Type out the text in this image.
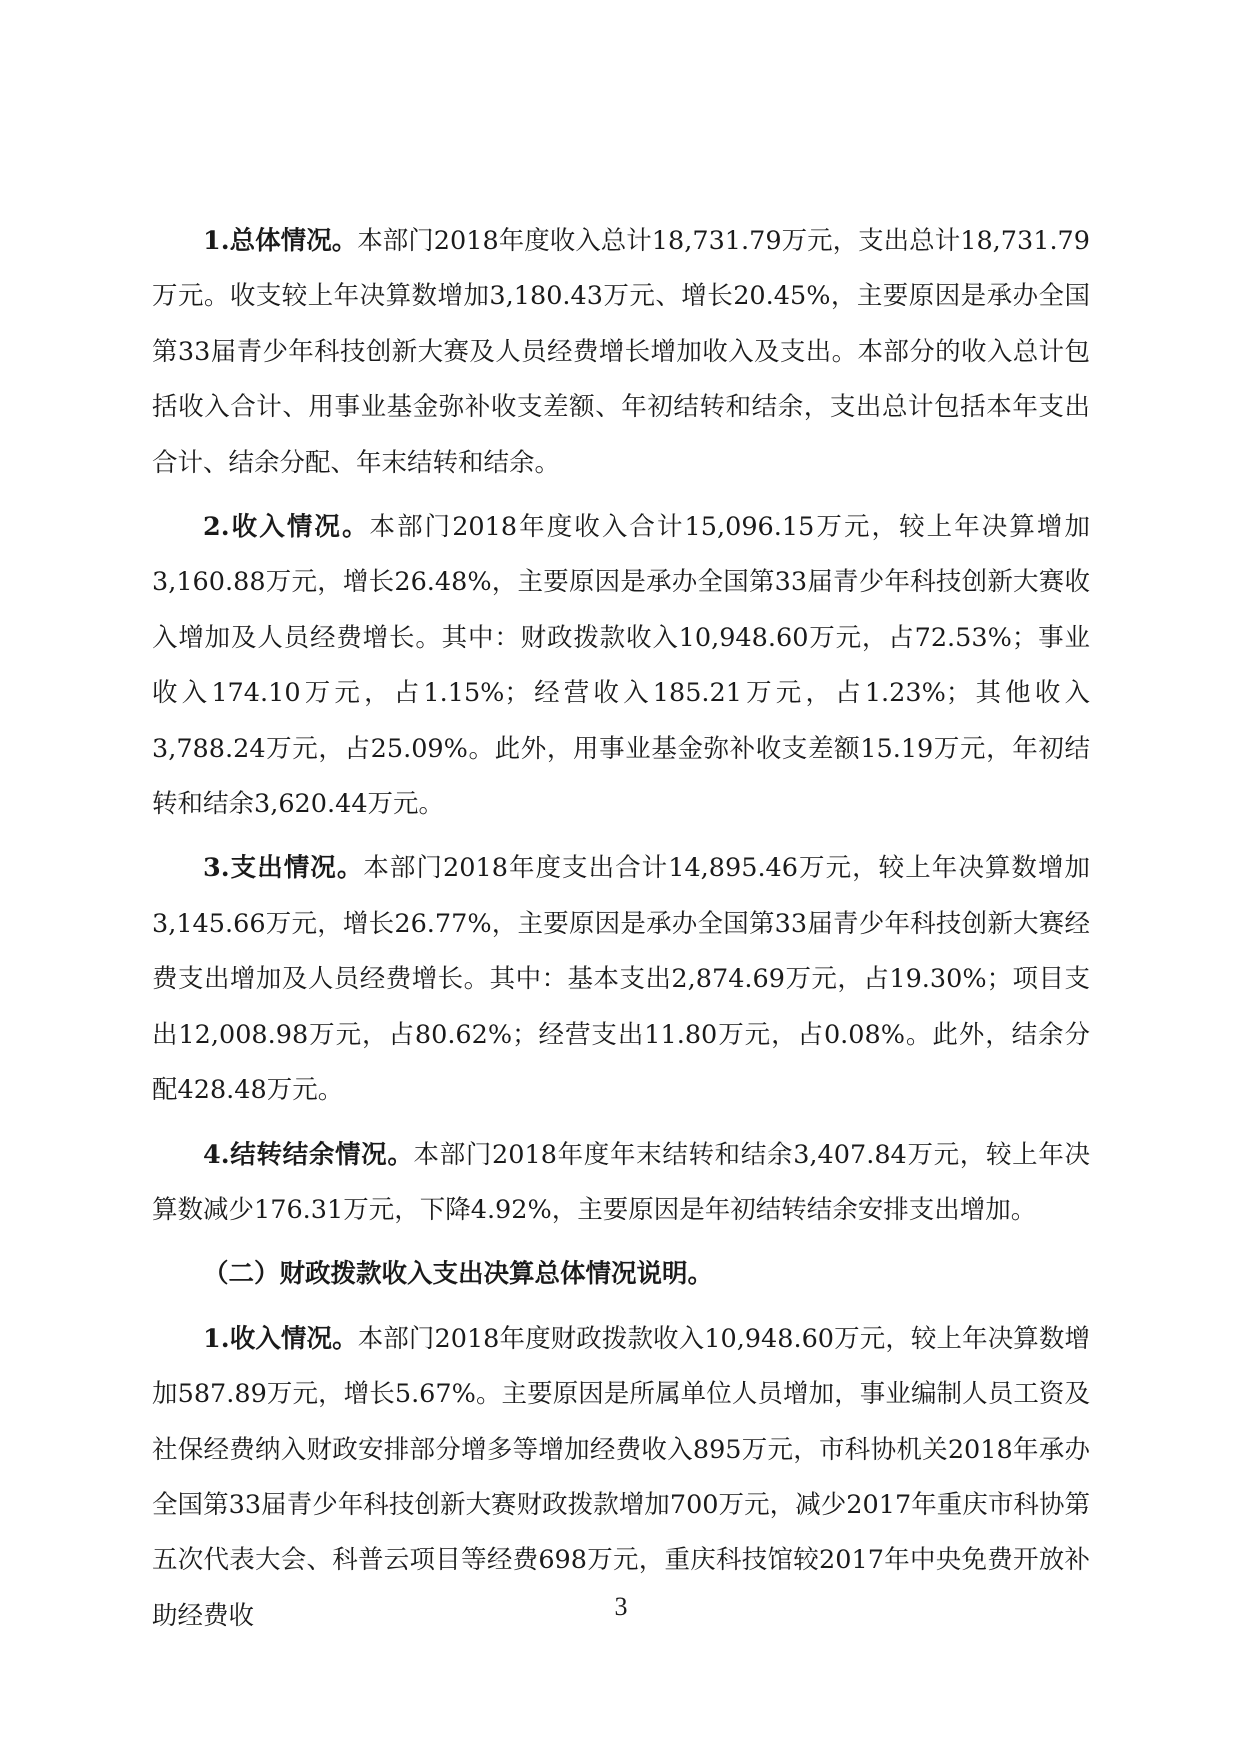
1.总体情况。本部门2018年度收入总计18,731.79万元，支出总计18,731.79万元。收支较上年决算数增加3,180.43万元、增长20.45%，主要原因是承办全国第33届青少年科技创新大赛及人员经费增长增加收入及支出。本部分的收入总计包括收入合计、用事业基金弥补收支差额、年初结转和结余，支出总计包括本年支出合计、结余分配、年末结转和结余。

2.收入情况。本部门2018年度收入合计15,096.15万元，较上年决算增加3,160.88万元，增长26.48%，主要原因是承办全国第33届青少年科技创新大赛收入增加及人员经费增长。其中：财政拨款收入10,948.60万元，占72.53%；事业收入174.10万元，占1.15%；经营收入185.21万元，占1.23%；其他收入3,788.24万元，占25.09%。此外，用事业基金弥补收支差额15.19万元，年初结转和结余3,620.44万元。

3.支出情况。本部门2018年度支出合计14,895.46万元，较上年决算数增加3,145.66万元，增长26.77%，主要原因是承办全国第33届青少年科技创新大赛经费支出增加及人员经费增长。其中：基本支出2,874.69万元，占19.30%；项目支出12,008.98万元，占80.62%；经营支出11.80万元，占0.08%。此外，结余分配428.48万元。

4.结转结余情况。本部门2018年度年末结转和结余3,407.84万元，较上年决算数减少176.31万元，下降4.92%，主要原因是年初结转结余安排支出增加。

（二）财政拨款收入支出决算总体情况说明。

1.收入情况。本部门2018年度财政拨款收入10,948.60万元，较上年决算数增加587.89万元，增长5.67%。主要原因是所属单位人员增加，事业编制人员工资及社保经费纳入财政安排部分增多等增加经费收入895万元，市科协机关2018年承办全国第33届青少年科技创新大赛财政拨款增加700万元，减少2017年重庆市科协第五次代表大会、科普云项目等经费698万元，重庆科技馆较2017年中央免费开放补助经费收	3
